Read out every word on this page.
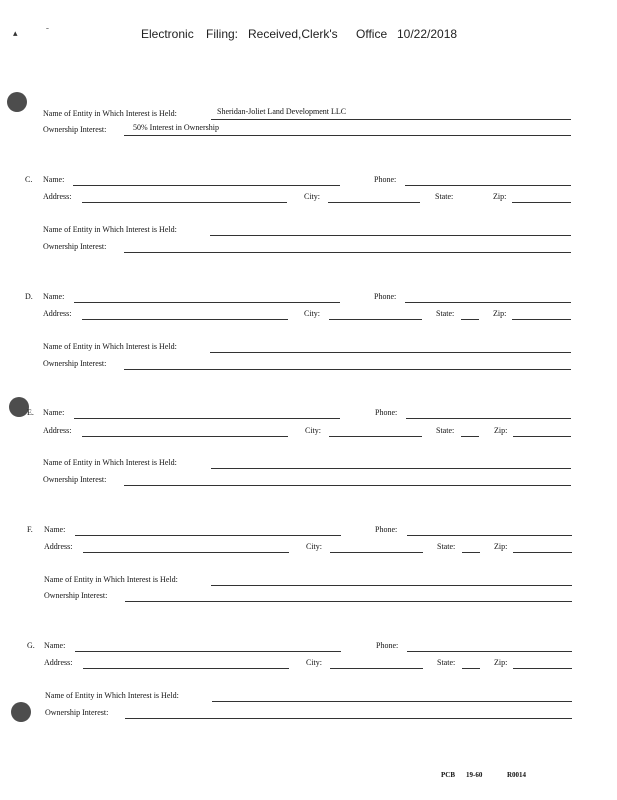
Electronic Filing: Received,Clerk's Office 10/22/2018
▴	ˉ
Name of Entity in Which Interest is Held:	Sheridan-Joliet Land Development LLC
Ownership Interest:	50% Interest in Ownership
C. Name:	Phone:
Address:	City:	State:	Zip:
Name of Entity in Which Interest is Held:
Ownership Interest:
D. Name:	Phone:
Address:	City:	State:	Zip:
Name of Entity in Which Interest is Held:
Ownership Interest:
E. Name:	Phone:
Address:	City:	State:	Zip:
Name of Entity in Which Interest is Held:
Ownership Interest:
F. Name:	Phone:
Address:	City:	State:	Zip:
Name of Entity in Which Interest is Held:
Ownership Interest:
G. Name:	Phone:
Address:	City:	State:	Zip:
Name of Entity in Which Interest is Held:
Ownership Interest:
PCB 19-60	R0014
